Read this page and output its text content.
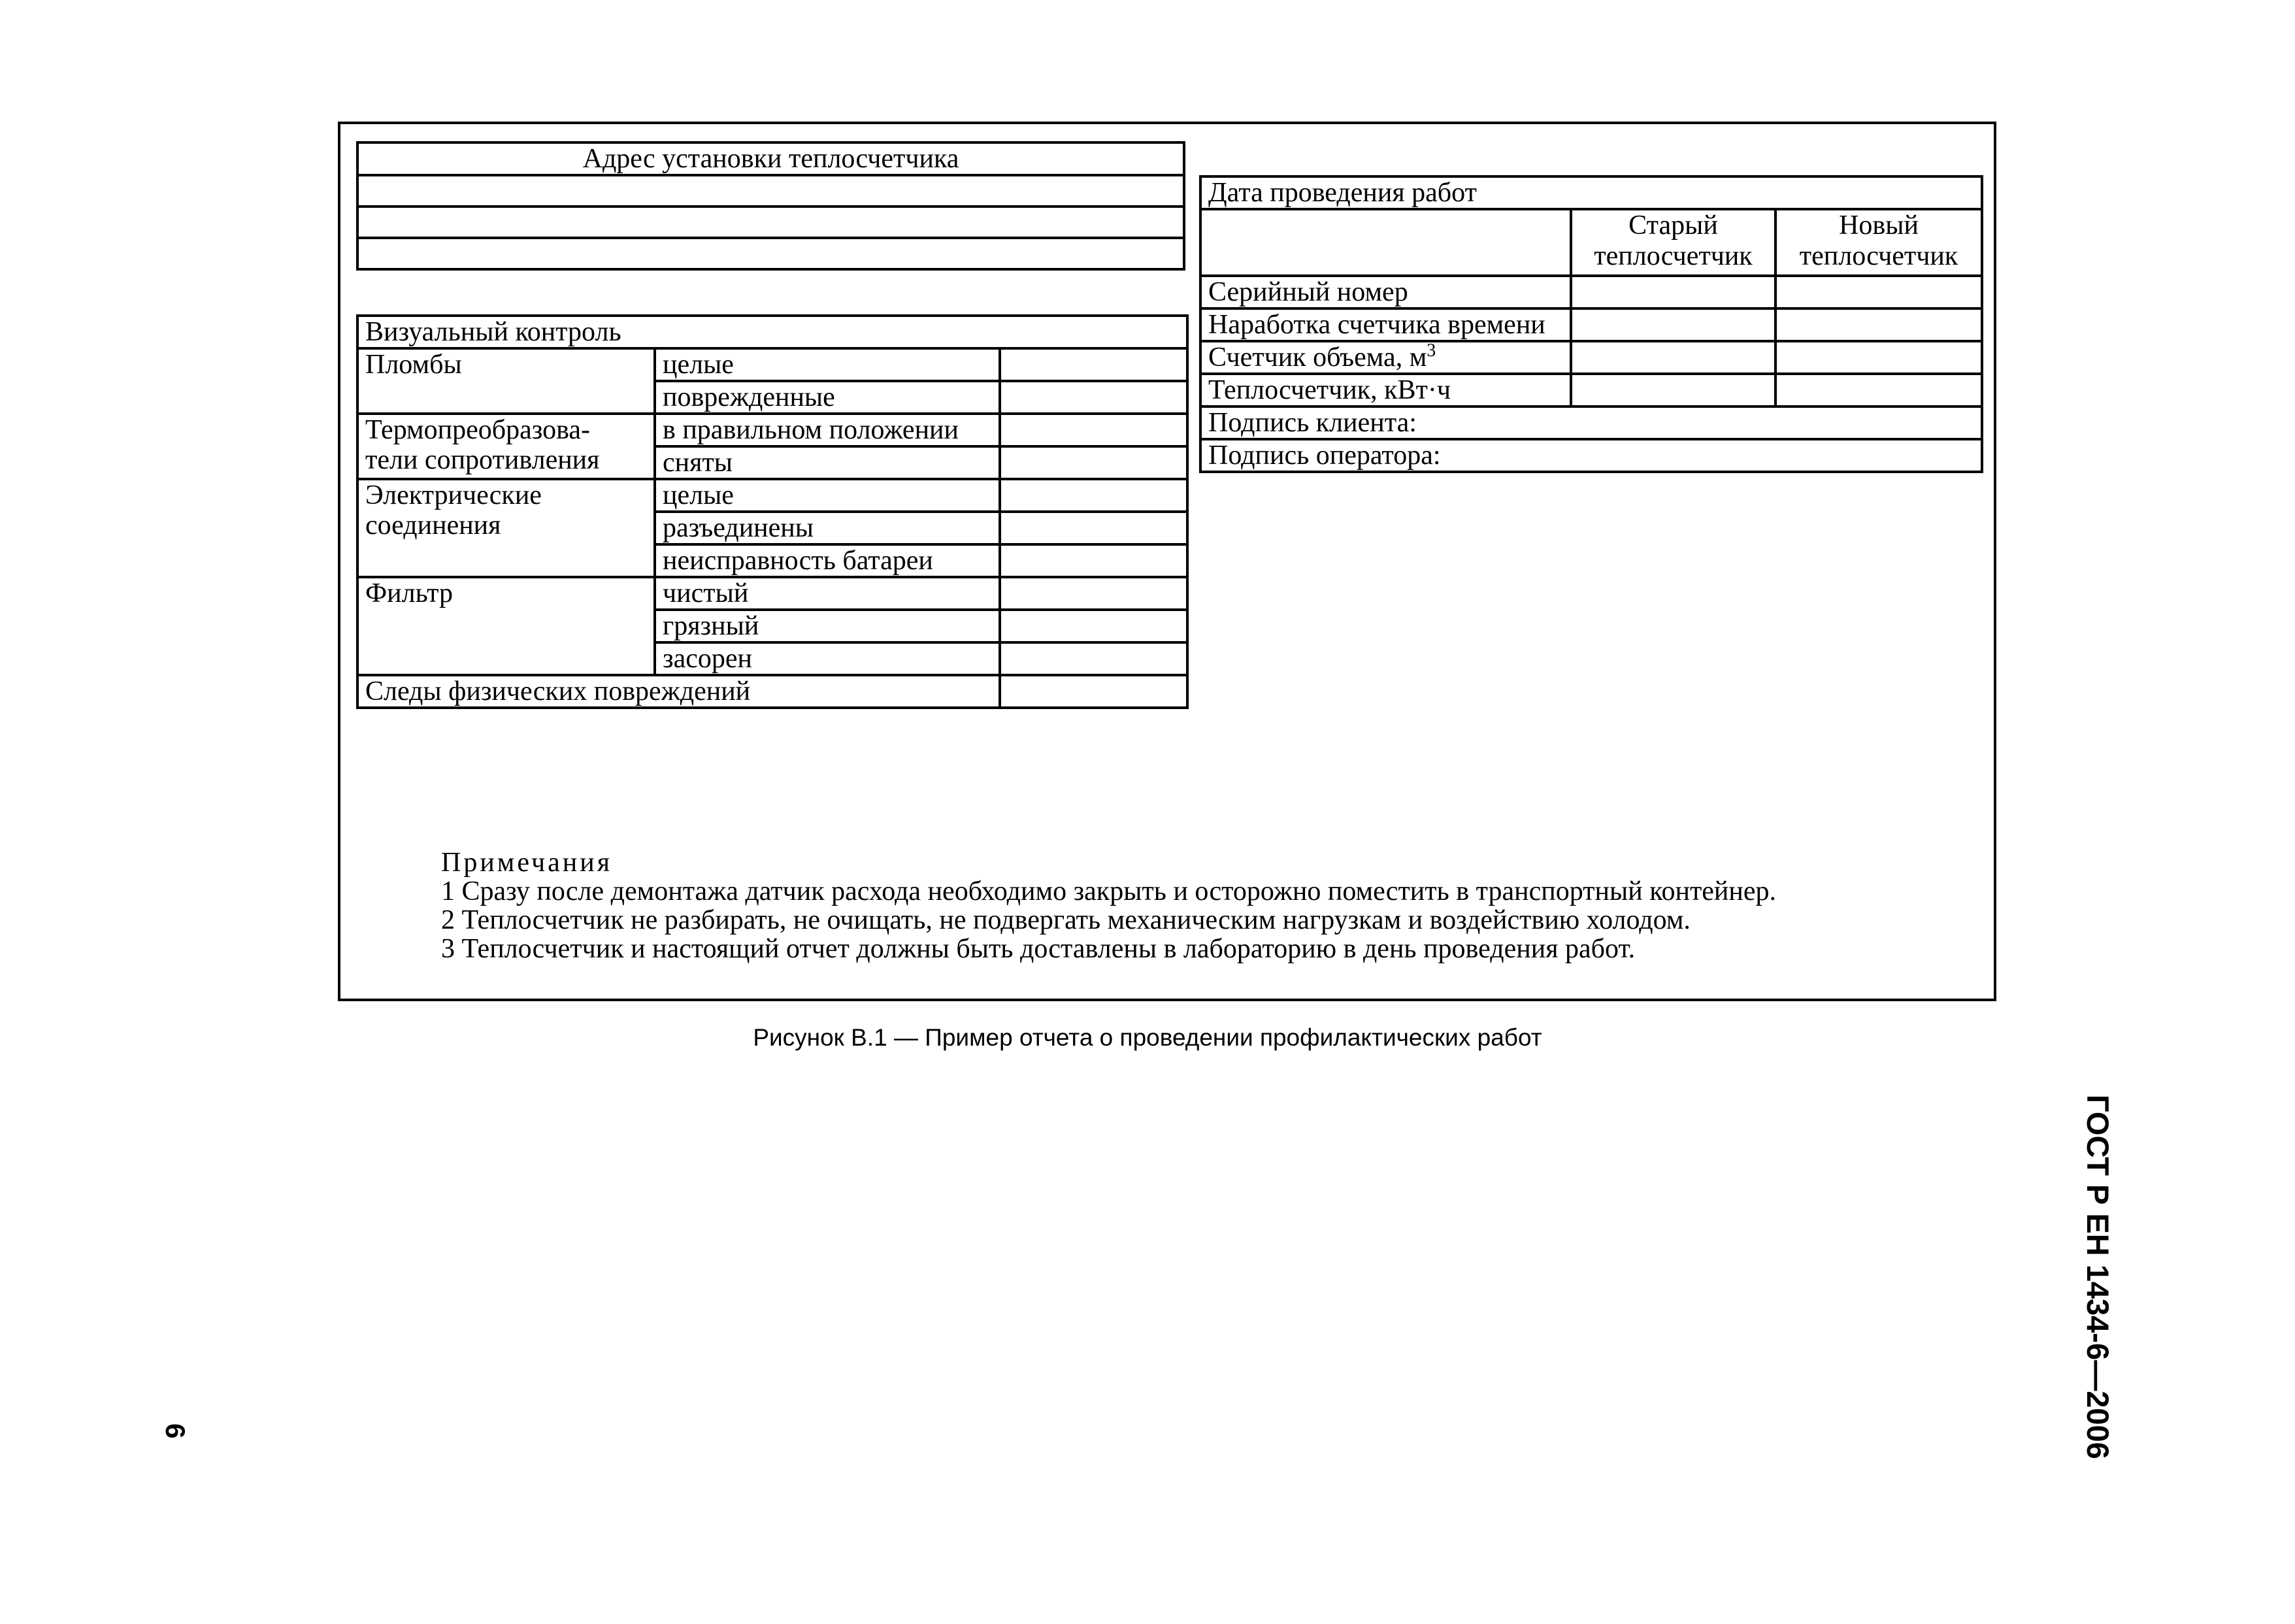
Адрес установки теплосчетчика

Визуальный контроль		
Пломбы	целые	
	поврежденные	
Термопреобразова-
тели сопротивления	в правильном положении	
	сняты	
Электрические
соединения	целые	
	разъединены	
	неисправность батареи	
Фильтр	чистый	
	грязный	
	засорен	
Следы физических повреждений		
Дата проведения работ		
	Старый теплосчетчик	Новый теплосчетчик
Серийный номер		
Наработка счетчика времени		
Счетчик объема, $м^3$		
Теплосчетчик, кВт·ч		
Подпись клиента:		
Подпись оператора:		
Примечания
1 Сразу после демонтажа датчик расхода необходимо закрыть и осторожно поместить в транспортный контейнер.
2 Теплосчетчик не разбирать, не очищать, не подвергать механическим нагрузкам и воздействию холодом.
3 Теплосчетчик и настоящий отчет должны быть доставлены в лабораторию в день проведения работ.
Рисунок В.1 — Пример отчета о проведении профилактических работ
ГОСТ Р ЕН 1434-6—2006
6
